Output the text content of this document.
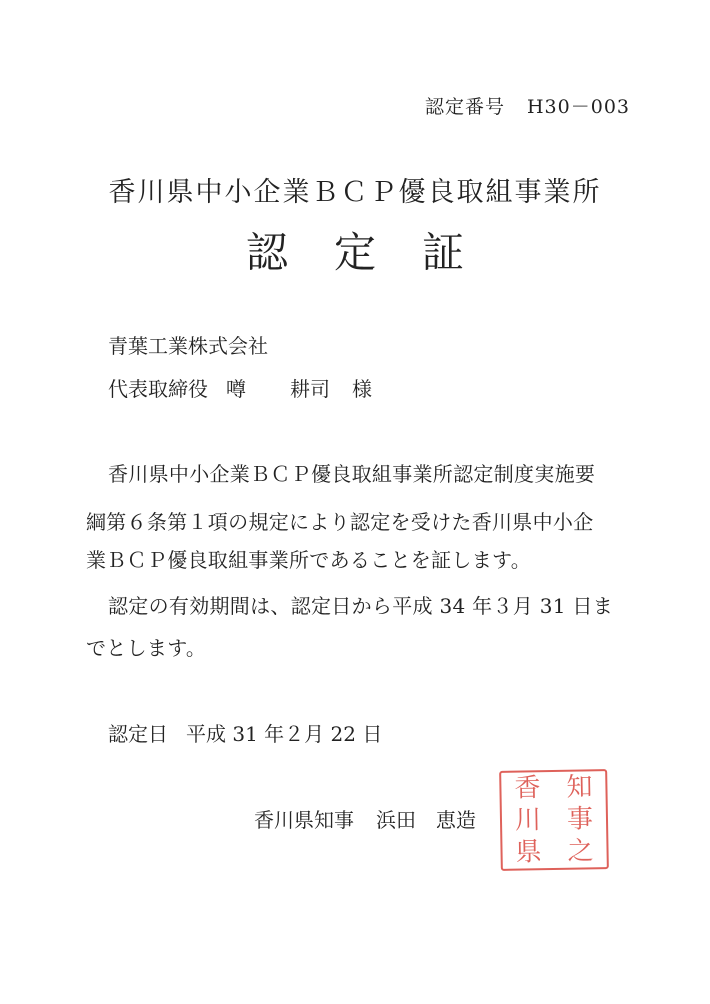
認定番号 H30－003
香川県中小企業ＢＣＰ優良取組事業所
認定証
青葉工業株式会社
代表取締役 噂 耕司 様
香川県中小企業ＢＣＰ優良取組事業所認定制度実施要
綱第６条第１項の規定により認定を受けた香川県中小企
業ＢＣＰ優良取組事業所であることを証します。
認定の有効期間は、認定日から平成 34 年３月 31 日ま
でとします。
認定日 平成 31 年２月 22 日
香川県知事 浜田 恵造
香
川
県
知
事
之
